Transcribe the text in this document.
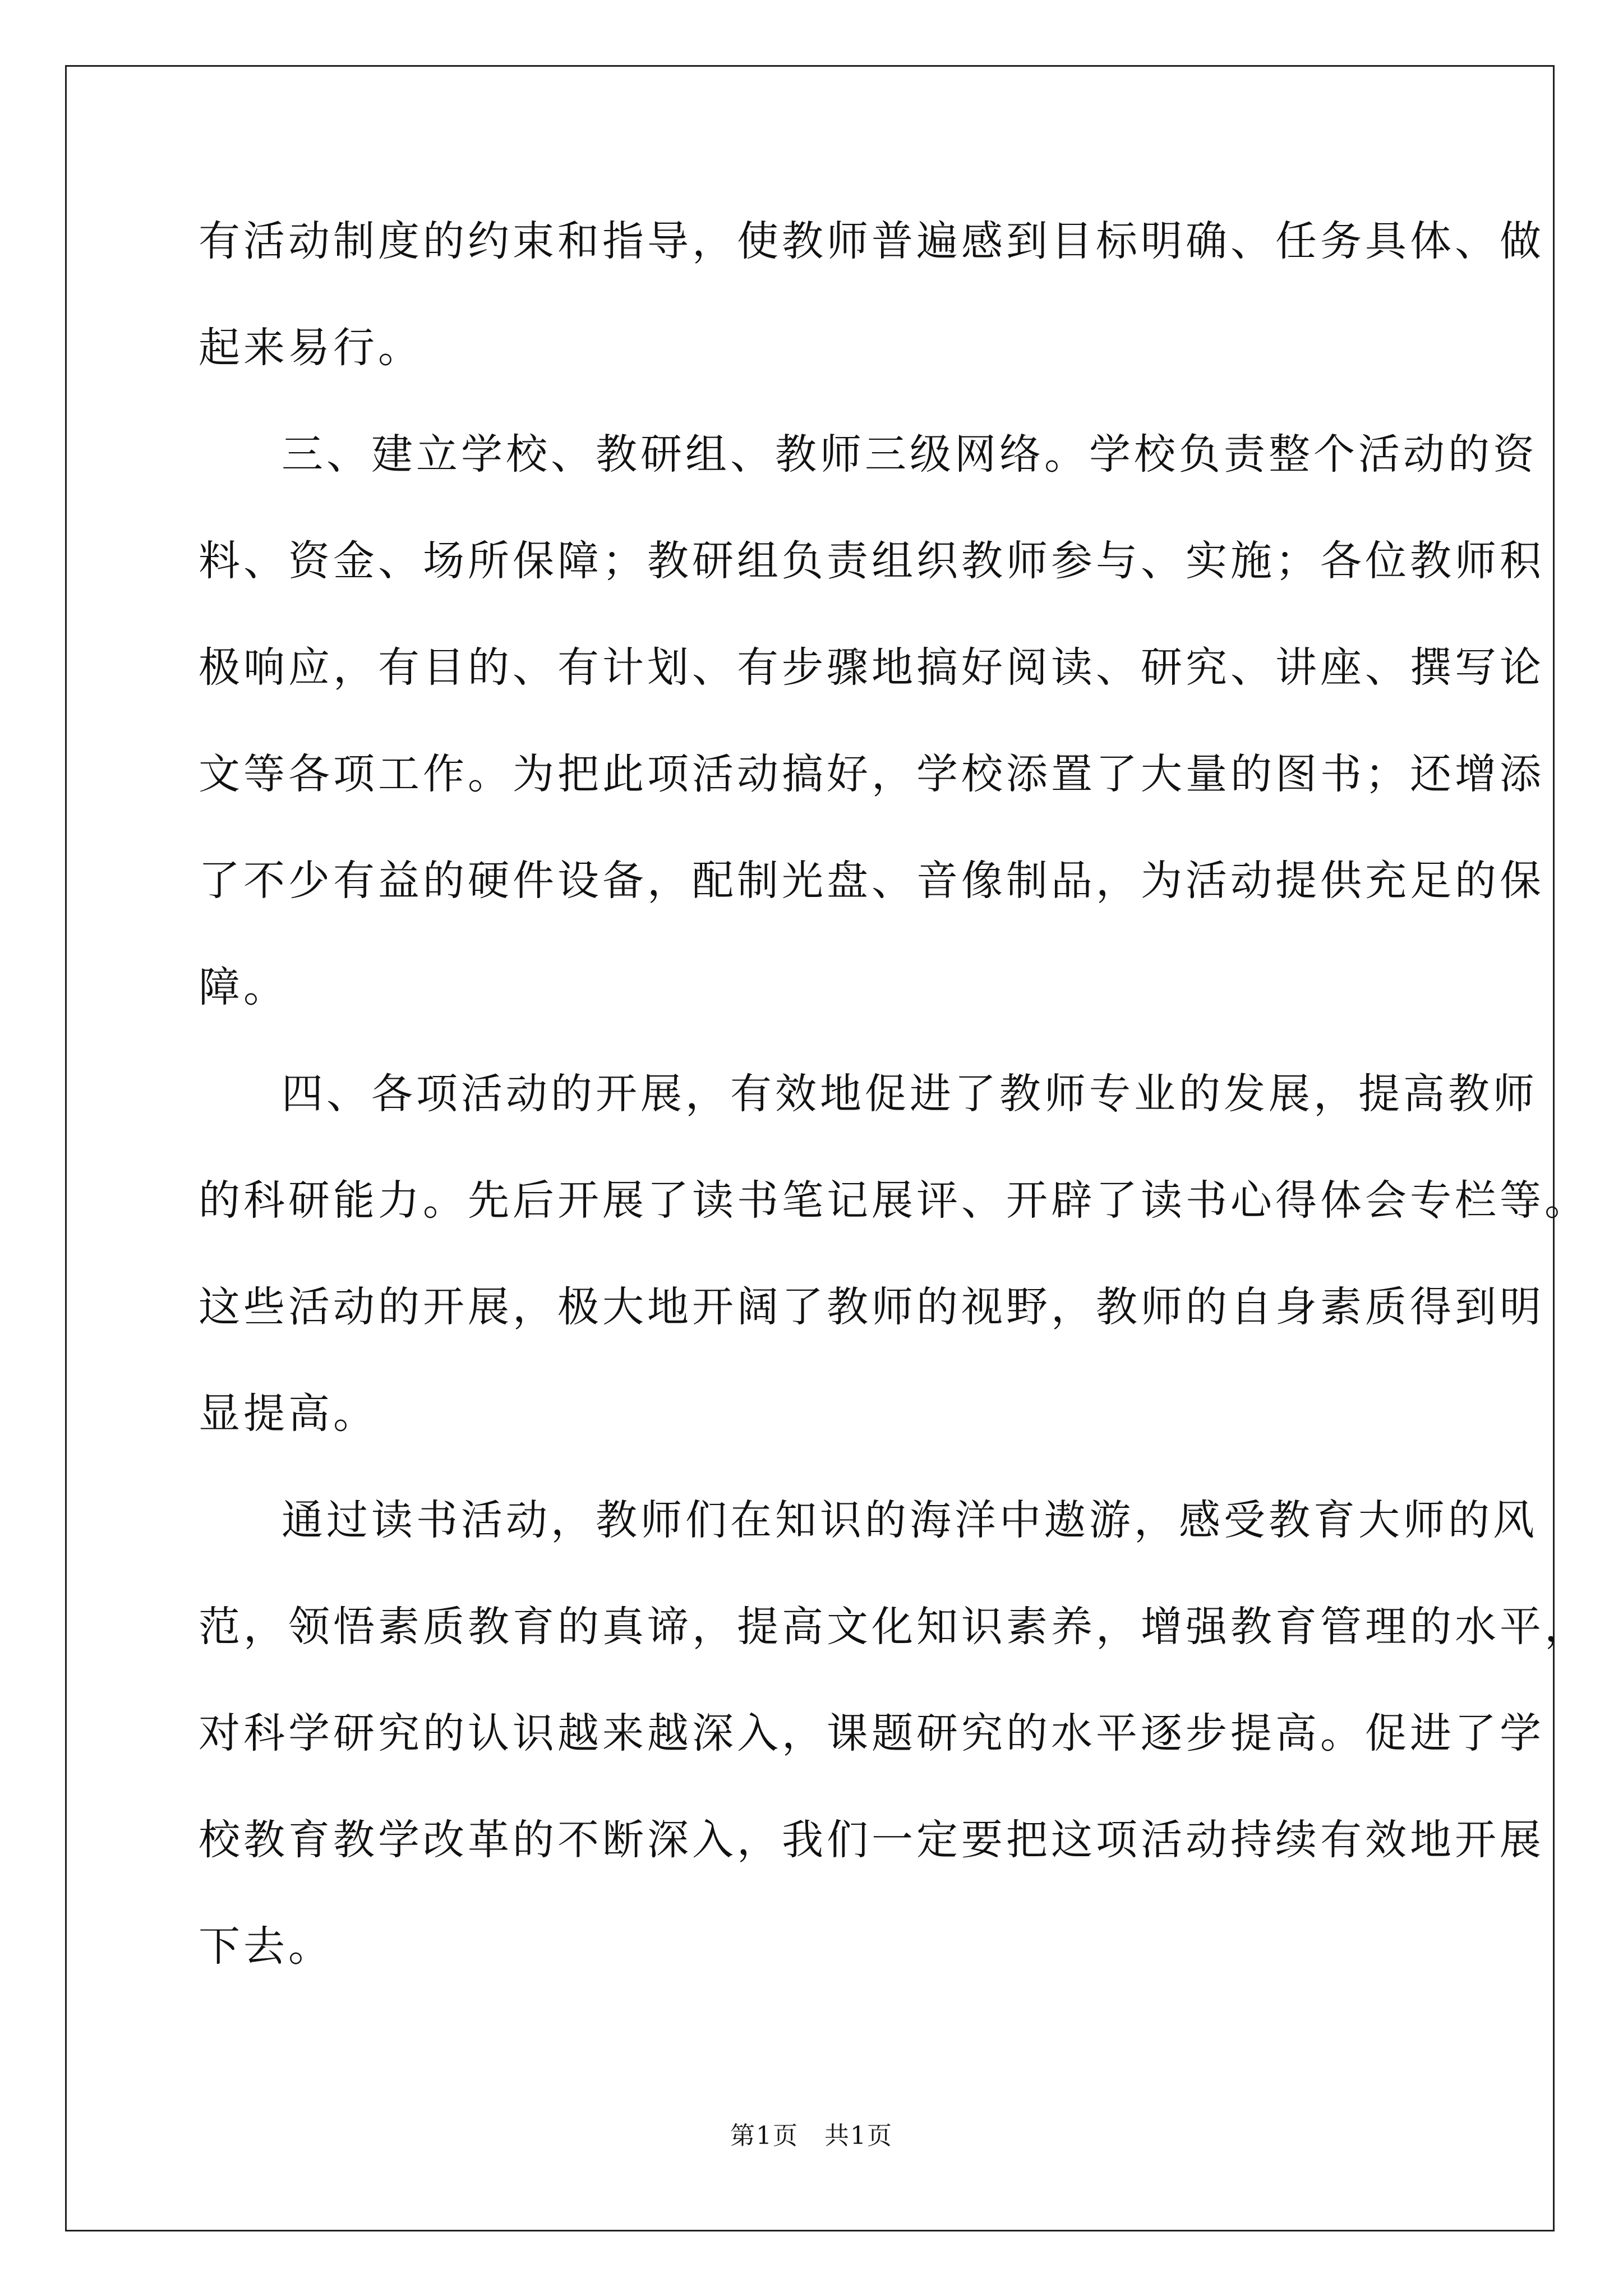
有活动制度的约束和指导，使教师普遍感到目标明确、任务具体、做
起来易行。
三、建立学校、教研组、教师三级网络。学校负责整个活动的资
料、资金、场所保障；教研组负责组织教师参与、实施；各位教师积
极响应，有目的、有计划、有步骤地搞好阅读、研究、讲座、撰写论
文等各项工作。为把此项活动搞好，学校添置了大量的图书；还增添
了不少有益的硬件设备，配制光盘、音像制品，为活动提供充足的保
障。
四、各项活动的开展，有效地促进了教师专业的发展，提高教师
的科研能力。先后开展了读书笔记展评、开辟了读书心得体会专栏等。
这些活动的开展，极大地开阔了教师的视野，教师的自身素质得到明
显提高。
通过读书活动，教师们在知识的海洋中遨游，感受教育大师的风
范，领悟素质教育的真谛，提高文化知识素养，增强教育管理的水平，
对科学研究的认识越来越深入，课题研究的水平逐步提高。促进了学
校教育教学改革的不断深入，我们一定要把这项活动持续有效地开展
下去。
第1页　共1页
